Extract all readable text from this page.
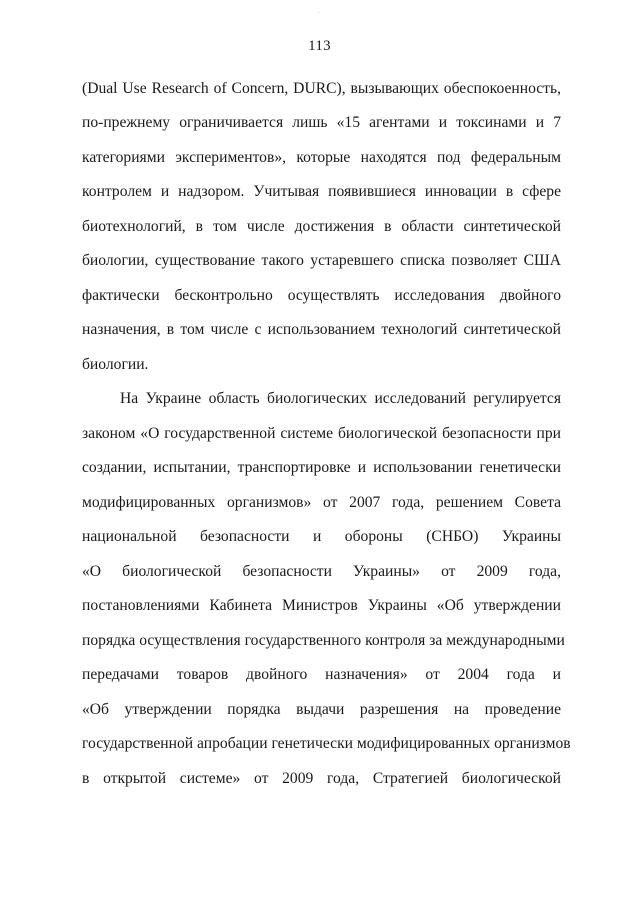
113
(Dual Use Research of Concern, DURC), вызывающих обеспокоенность,
по-прежнему ограничивается лишь «15 агентами и токсинами и 7
категориями экспериментов», которые находятся под федеральным
контролем и надзором. Учитывая появившиеся инновации в сфере
биотехнологий, в том числе достижения в области синтетической
биологии, существование такого устаревшего списка позволяет США
фактически бесконтрольно осуществлять исследования двойного
назначения, в том числе с использованием технологий синтетической
биологии.
На Украине область биологических исследований регулируется
законом «О государственной системе биологической безопасности при
создании, испытании, транспортировке и использовании генетически
модифицированных организмов» от 2007 года, решением Совета
национальной безопасности и обороны (СНБО) Украины
«О биологической безопасности Украины» от 2009 года,
постановлениями Кабинета Министров Украины «Об утверждении
порядка осуществления государственного контроля за международными
передачами товаров двойного назначения» от 2004 года и
«Об утверждении порядка выдачи разрешения на проведение
государственной апробации генетически модифицированных организмов
в открытой системе» от 2009 года, Стратегией биологической
